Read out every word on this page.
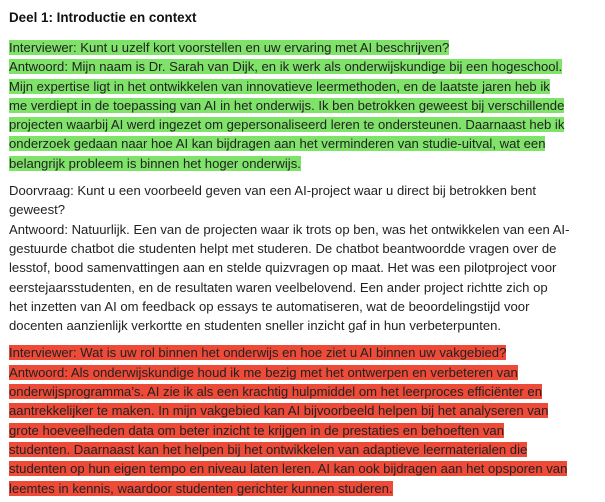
Deel 1: Introductie en context
Interviewer: Kunt u uzelf kort voorstellen en uw ervaring met AI beschrijven?
Antwoord: Mijn naam is Dr. Sarah van Dijk, en ik werk als onderwijskundige bij een hogeschool.
Mijn expertise ligt in het ontwikkelen van innovatieve leermethoden, en de laatste jaren heb ik
me verdiept in de toepassing van AI in het onderwijs. Ik ben betrokken geweest bij verschillende
projecten waarbij AI werd ingezet om gepersonaliseerd leren te ondersteunen. Daarnaast heb ik
onderzoek gedaan naar hoe AI kan bijdragen aan het verminderen van studie-uitval, wat een
belangrijk probleem is binnen het hoger onderwijs.
Doorvraag: Kunt u een voorbeeld geven van een AI-project waar u direct bij betrokken bent
geweest?
Antwoord: Natuurlijk. Een van de projecten waar ik trots op ben, was het ontwikkelen van een AI-
gestuurde chatbot die studenten helpt met studeren. De chatbot beantwoordde vragen over de
lesstof, bood samenvattingen aan en stelde quizvragen op maat. Het was een pilotproject voor
eerstejaarsstudenten, en de resultaten waren veelbelovend. Een ander project richtte zich op
het inzetten van AI om feedback op essays te automatiseren, wat de beoordelingstijd voor
docenten aanzienlijk verkortte en studenten sneller inzicht gaf in hun verbeterpunten.
Interviewer: Wat is uw rol binnen het onderwijs en hoe ziet u AI binnen uw vakgebied?
Antwoord: Als onderwijskundige houd ik me bezig met het ontwerpen en verbeteren van
onderwijsprogramma’s. AI zie ik als een krachtig hulpmiddel om het leerproces efficiënter en
aantrekkelijker te maken. In mijn vakgebied kan AI bijvoorbeeld helpen bij het analyseren van
grote hoeveelheden data om beter inzicht te krijgen in de prestaties en behoeften van
studenten. Daarnaast kan het helpen bij het ontwikkelen van adaptieve leermaterialen die
studenten op hun eigen tempo en niveau laten leren. AI kan ook bijdragen aan het opsporen van
leemtes in kennis, waardoor studenten gerichter kunnen studeren.
